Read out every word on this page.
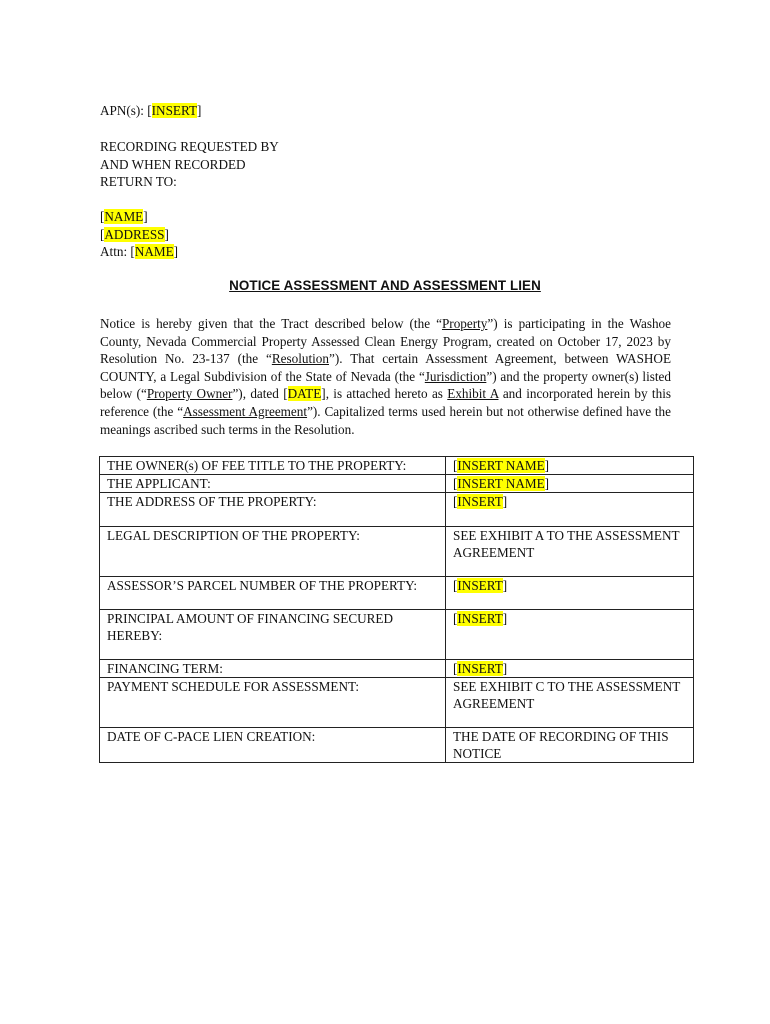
APN(s): [INSERT]
RECORDING REQUESTED BY
AND WHEN RECORDED
RETURN TO:
[NAME]
[ADDRESS]
Attn: [NAME]
NOTICE ASSESSMENT AND ASSESSMENT LIEN
Notice is hereby given that the Tract described below (the “Property”) is participating in the Washoe County, Nevada Commercial Property Assessed Clean Energy Program, created on October 17, 2023 by Resolution No. 23-137 (the “Resolution”). That certain Assessment Agreement, between WASHOE COUNTY, a Legal Subdivision of the State of Nevada (the “Jurisdiction”) and the property owner(s) listed below (“Property Owner”), dated [DATE], is attached hereto as Exhibit A and incorporated herein by this reference (the “Assessment Agreement”). Capitalized terms used herein but not otherwise defined have the meanings ascribed such terms in the Resolution.
THE OWNER(s) OF FEE TITLE TO THE PROPERTY:	[INSERT NAME]
THE APPLICANT:	[INSERT NAME]
THE ADDRESS OF THE PROPERTY:	[INSERT]
LEGAL DESCRIPTION OF THE PROPERTY:	SEE EXHIBIT A TO THE ASSESSMENT AGREEMENT
ASSESSOR’S PARCEL NUMBER OF THE PROPERTY:	[INSERT]
PRINCIPAL AMOUNT OF FINANCING SECURED HEREBY:	[INSERT]
FINANCING TERM:	[INSERT]
PAYMENT SCHEDULE FOR ASSESSMENT:	SEE EXHIBIT C TO THE ASSESSMENT AGREEMENT
DATE OF C-PACE LIEN CREATION:	THE DATE OF RECORDING OF THIS NOTICE
